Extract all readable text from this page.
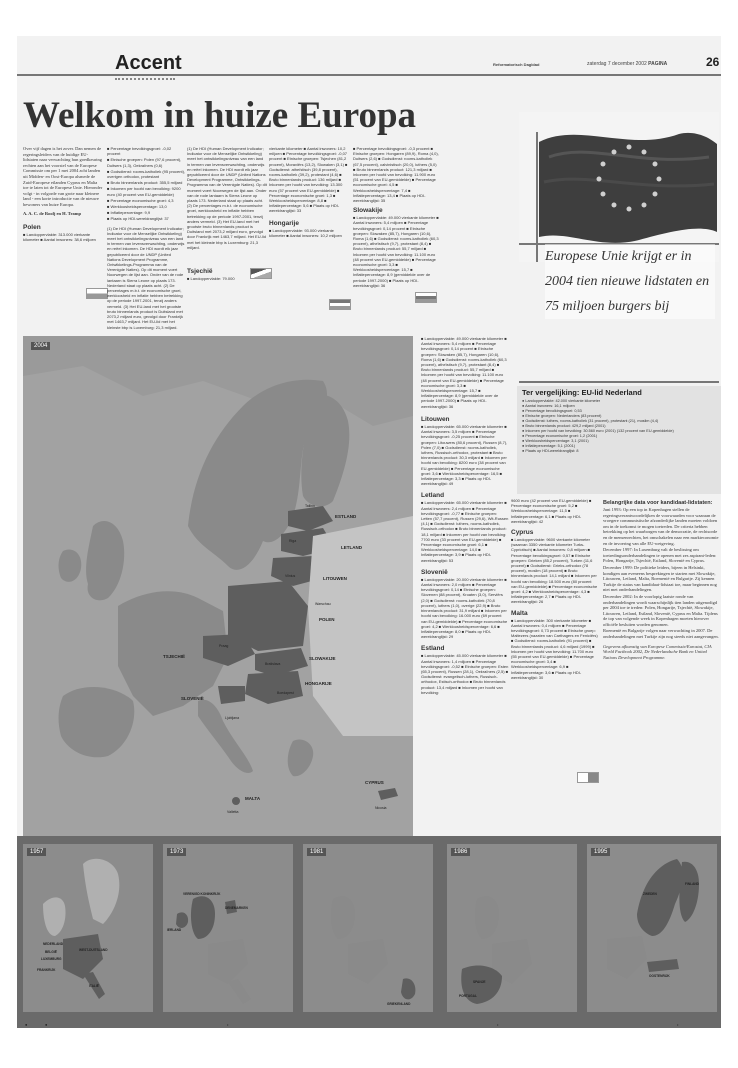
Accent	Reformatorisch Dagblad	zaterdag 7 december 2002 PAGINA	26
Welkom in huize Europa

Over vijf dagen is het zover. Dan nemen de regeringsleiders van de huidige EU-lidstaten naar verwachting hun goedkeuring rechten aan het voorstel van de Europese Commissie om per 1 mei 2004 acht landen uit Midden- en Oost-Europa alsmede de Zuid-Europese eilanden Cyprus en Malta toe te laten tot de Europese Unie. Hieronder volgt - in volgorde van grote naar kleinere land - een korte introductie van de nieuwe bewoners van huize Europa.

A. A. C. de Roolj en H. Tramp

Polen

■ Landoppervlakte: 313.000 vierkante kilometer ■ Aantal inwoners: 38,6 miljoen

■ Percentage bevolkingsgroei: -0,02 procent

■ Etnische groepen: Polen (97,6 procent), Duitsers (1,3), Oekraïners (0,6)

■ Godsdienst: rooms-katholiek (95 procent), overigen orthodox, protestant

■ Bruto binnenlands product: 355,5 miljard

■ Inkomen per hoofd van bevolking: 9200 euro (40 procent van EU-gemiddelde)

■ Percentage economische groei: 4,3

■ Werkloosheidspercentage: 13,0

■ Inflatiepercentage: 9,9

■ Plaats op HDI-wereldranglijst: 37

(1) De HDI (Human Development Indicator; Indicator voor de Menselijke Ontwikkeling) meet het ontwikkelingsniveau van een land in termen van levensverwachting, onderwijs en reëel inkomen. De HDI wordt elk jaar gepubliceerd door de UNDP (United Nations Development Programme, Ontwikkelings-Programma van de Verenigde Naties). Op dit moment voert Noorwegen de lijst aan. Onder van de rode lantaarn is Sierra Leone op plaats 173. Nederland staat op plaats acht. (2) De percentages m.b.t. de economische groei, werkloosheid en inflatie hebben betrekking op de periode 1997-2001, tenzij anders vermeld. (3) Het EU-land met het grootste bruto binnenlands product is Duitsland met 2073,2 miljard euro, gevolgd door Frankrijk met 1463,7 miljard. Het EU-lid met het kleinste bbp is Luxemburg: 21,3 miljard.

(1) De HDI (Human Development Indicator; Indicator voor de Menselijke Ontwikkeling) meet het ontwikkelingsniveau van een land in termen van levensverwachting, onderwijs en reëel inkomen. De HDI wordt elk jaar gepubliceerd door de UNDP (United Nations Development Programme, Ontwikkelings-Programma van de Verenigde Naties). Op dit moment voert Noorwegen de lijst aan. Onder van de rode lantaarn is Sierra Leone op plaats 173. Nederland staat op plaats acht. (2) De percentages m.b.t. de economische groei, werkloosheid en inflatie hebben betrekking op de periode 1997-2001, tenzij anders vermeld. (3) Het EU-land met het grootste bruto binnenlands product is Duitsland met 2073,2 miljard euro, gevolgd door Frankrijk met 1463,7 miljard. Het EU-lid met het kleinste bbp is Luxemburg: 21,3 miljard.
Tsjechië

■ Landoppervlakte: 79.000

vierkante kilometer ■ Aantal inwoners: 10,2 miljoen ■ Percentage bevolkingsgroei: -0,07 procent ■ Etnische groepen: Tsjechen (81,2 procent), Moraviërs (13,2), Slowaken (3,1) ■ Godsdienst: atheïstisch (39,8 procent), rooms-katholiek (39,2), protestant (4,6) ■ Bruto binnenlands product: 136 miljard ■ Inkomen per hoofd van bevolking: 13.300 euro (57 procent van EU-gemiddelde) ■ Percentage economische groei: 1,3 ■ Werkloosheidspercentage: 8,8 ■ Inflatiepercentage: 5,6 ■ Plaats op HDI-wereldranglijst: 33

Hongarije

■ Landoppervlakte: 93.000 vierkante kilometer ■ Aantal inwoners: 10,2 miljoen

■ Percentage bevolkingsgroei: -0,3 procent ■ Etnische groepen: Hongaren (89,9), Roma (4,0), Duitsers (2,6) ■ Godsdienst: rooms-katholiek (67,5 procent), calvinistisch (20,0), luthers (5,0) ■ Bruto binnenlands product: 121,3 miljard ■ Inkomen per hoofd van bevolking: 11.900 euro (51 procent van EU-gemiddelde) ■ Percentage economische groei: 4,5 ■ Werkloosheidspercentage: 7,4 ■ Inflatiepercentage: 13,4 ■ Plaats op HDI-wereldranglijst: 35

Slowakije

■ Landoppervlakte: 49.000 vierkante kilometer ■ Aantal inwoners: 5,4 miljoen ■ Percentage bevolkingsgroei: 0,14 procent ■ Etnische groepen: Slowaken (85,7), Hongaren (10,6), Roma (1,6) ■ Godsdienst: rooms-katholiek (60,3 procent), atheïstisch (9,7), protestant (8,4) ■ Bruto binnenlands product: 55,7 miljard ■ Inkomen per hoofd van bevolking: 11.100 euro (48 procent van EU-gemiddelde) ■ Percentage economische groei: 3,3 ■ Werkloosheidspercentage: 15,7 ■ Inflatiepercentage: 8,9 (gemiddelde over de periode 1997-2000) ■ Plaats op HDI-wereldranglijst: 36

■ Landoppervlakte: 49.000 vierkante kilometer ■ Aantal inwoners: 5,4 miljoen ■ Percentage bevolkingsgroei: 0,14 procent ■ Etnische groepen: Slowaken (85,7), Hongaren (10,6), Roma (1,6) ■ Godsdienst: rooms-katholiek (60,3 procent), atheïstisch (9,7), protestant (8,4) ■ Bruto binnenlands product: 55,7 miljard ■ Inkomen per hoofd van bevolking: 11.100 euro (48 procent van EU-gemiddelde) ■ Percentage economische groei: 3,3 ■ Werkloosheidspercentage: 15,7 ■ Inflatiepercentage: 8,9 (gemiddelde over de periode 1997-2000) ■ Plaats op HDI-wereldranglijst: 36
Litouwen

■ Landoppervlakte: 65.000 vierkante kilometer ■ Aantal inwoners: 3,5 miljoen ■ Percentage bevolkingsgroei: -0,25 procent ■ Etnische groepen: Litouwers (80,6 procent), Russen (8,7), Polen (7,0) ■ Godsdienst: rooms-katholiek, luthers, Russisch-orthodox, protestant ■ Bruto binnenlands product: 30,3 miljard ■ Inkomen per hoofd van bevolking: 8200 euro (38 procent van EU-gemiddelde) ■ Percentage economische groei: 3,6 ■ Werkloosheidspercentage: 16,5 ■ Inflatiepercentage: 3,3 ■ Plaats op HDI-wereldranglijst: 49

Letland

■ Landoppervlakte: 65.000 vierkante kilometer ■ Aantal inwoners: 2,4 miljoen ■ Percentage bevolkingsgroei: -0,77 ■ Etnische groepen: Letten (57,7 procent), Russen (29,6), Wit-Russen (4,1) ■ Godsdienst: luthers, rooms-katholiek, Russisch-orthodox ■ Bruto binnenlands product: 18,1 miljard ■ Inkomen per hoofd van bevolking: 7700 euro (33 procent van EU-gemiddelde) ■ Percentage economische groei: 6,1 ■ Werkloosheidspercentage: 14,0 ■ Inflatiepercentage: 3,9 ■ Plaats op HDI-wereldranglijst: 53

Slovenië

■ Landoppervlakte: 20.000 vierkante kilometer ■ Aantal inwoners: 2,0 miljoen ■ Percentage bevolkingsgroei: 0,14 ■ Etnische groepen: Slovenen (88 procent), Kroaten (3,0), Serviërs (2,0) ■ Godsdienst: rooms-katholiek (70,8 procent), luthers (1,0), overige (22,9) ■ Bruto binnenlands product: 31,9 miljard ■ Inkomen per hoofd van bevolking: 16.000 euro (69 procent van EU-gemiddelde) ■ Percentage economische groei: 4,2 ■ Werkloosheidspercentage: 6,6 ■ Inflatiepercentage: 8,0 ■ Plaats op HDI-wereldranglijst: 29

Estland

■ Landoppervlakte: 45.000 vierkante kilometer ■ Aantal inwoners: 1,4 miljoen ■ Percentage bevolkingsgroei: -0,52 ■ Etnische groepen: Esten (65,3 procent), Russen (28,1), Oekraïners (2,5) ■ Godsdienst: evangelisch-luthers, Russisch-orthodox, Estisch-orthodox ■ Bruto binnenlands product: 13,4 miljard ■ Inkomen per hoofd van bevolking:

Europese Unie krijgt er in 2004 tien nieuwe lidstaten en 75 miljoen burgers bij
Ter vergelijking: EU-lid Nederland
● Landoppervlakte: 42.000 vierkante kilometer
● Aantal inwoners: 16,1 miljoen
● Percentage bevolkingsgroei: 0,53
● Etnische groepen: Nederlanders (83 procent)
● Godsdienst: luthers, rooms-katholiek (31 procent), protestant (21), moslim (4,4)
● Bruto binnenlands product: 429,2 miljard (2001)
● Inkomen per hoofd van bevolking: 30.560 euro (2001) (132 procent van EU-gemiddelde)
● Percentage economische groei: 1,2 (2001)
● Werkloosheidspercentage: 3,1 (2001)
● Inflatiepercentage: 5,1 (2001)
● Plaats op HDI-wereldranglijst: 8

9600 euro (42 procent van EU-gemiddelde) ■ Percentage economische groei: 5,2 ■ Werkloosheidspercentage: 11,5 ■ Inflatiepercentage: 6,1 ■ Plaats op HDI-wereldranglijst: 42

Cyprus

■ Landoppervlakte: 9600 vierkante kilometer (waarvan 3350 vierkante kilometer Turks-Cypriotisch) ■ Aantal inwoners: 0,8 miljoen ■ Percentage bevolkingsgroei: 0,57 ■ Etnische groepen: Grieken (85,2 procent), Turken (11,6 procent) ■ Godsdienst: Grieks-orthodox (78 procent), moslim (18 procent) ■ Bruto binnenlands product: 14,1 miljard ■ Inkomen per hoofd van bevolking: 18.500 euro (80 procent van EU-gemiddelde) ■ Percentage economische groei: 4,2 ■ Werkloosheidspercentage: 4,3 ■ Inflatiepercentage: 2,7 ■ Plaats op HDI-wereldranglijst: 26

Malta

■ Landoppervlakte: 300 vierkante kilometer ■ Aantal inwoners: 0,4 miljoen ■ Percentage bevolkingsgroei: 0,73 procent ■ Etnische groep: Maltezers (nazaten van Carthagers en Feniciërs) ■ Godsdienst: rooms-katholiek (91 procent) ■ Bruto binnenlands product: 4,6 miljard (1999) ■ Inkomen per hoofd van bevolking: 11.700 euro (55 procent van EU-gemiddelde) ■ Percentage economische groei: 3,4 ■ Werkloosheidspercentage: 6,9 ■ Inflatiepercentage: 3,6 ■ Plaats op HDI-wereldranglijst: 30

Belangrijke data voor kandidaat-lidstaten:

Juni 1993: Op een top in Kopenhagen stellen de regeringsverantwoordelijken de voorwaarden voor waaraan de vroegere communistische afzonderlijke landen moeten voldoen om in de toekomst te mogen toetreden. De criteria hebben betrekking op het waarborgen van de democratie, de rechtsorde en de mensenrechten, het omschakelen naar een markteconomie en de invoering van alle EU-wetgeving.

December 1997: In Luxemburg valt de beslissing om toetredingsonderhandelingen te openen met zes aspirant-leden: Polen, Hongarije, Tsjechië, Estland, Slovenië en Cyprus.

December 1999: De politieke leiders, bijeen in Helsinki, kondigen aan eveneens besprekingen te starten met Slowakije, Litouwen, Letland, Malta, Roemenië en Bulgarije. Zij kennen Turkije de status van kandidaat-lidstaat toe, maar beginnen nog niet met onderhandelingen.

December 2002: In de voorlopig laatste ronde van onderhandelingen wordt waarschijnlijk tien landen uitgenodigd per 2004 toe te treden: Polen, Hongarije, Tsjechië, Slowakije, Litouwen, Letland, Estland, Slovenië, Cyprus en Malta. Tijdens de top van volgende week in Kopenhagen moeten hierover officiële besluiten worden genomen.

Roemenië en Bulgarije volgen naar verwachting in 2007. De onderhandelingen met Turkije zijn nog steeds niet aangevangen.

Gegevens afkomstig van Europese Commissie/Eurostat, CIA World Factbook 2002, De Nederlandsche Bank en United Nations Development Programme.

ESTLAND
LETLAND
LITOUWEN
POLEN
TSJECHIË	SLOWAKIJE
HONGARIJE
SLOVENIË
MALTA
CYPRUS
Tallinn
Riga
Vilnius
Warschau
Praag
Bratislava
Boedapest
Ljubljana
Valletta
Nicosia
2004
1957
NEDERLAND
BELGIË
LUXEMBURG
WEST-DUITSLAND
FRANKRIJK
ITALIË
1973
VERENIGD KONINKRIJK
DENEMARKEN
IERLAND
1981
GRIEKENLAND
1986
SPANJE
PORTUGAL
1995
ZWEDEN
FINLAND
OOSTENRIJK
●	●	•	•	•
